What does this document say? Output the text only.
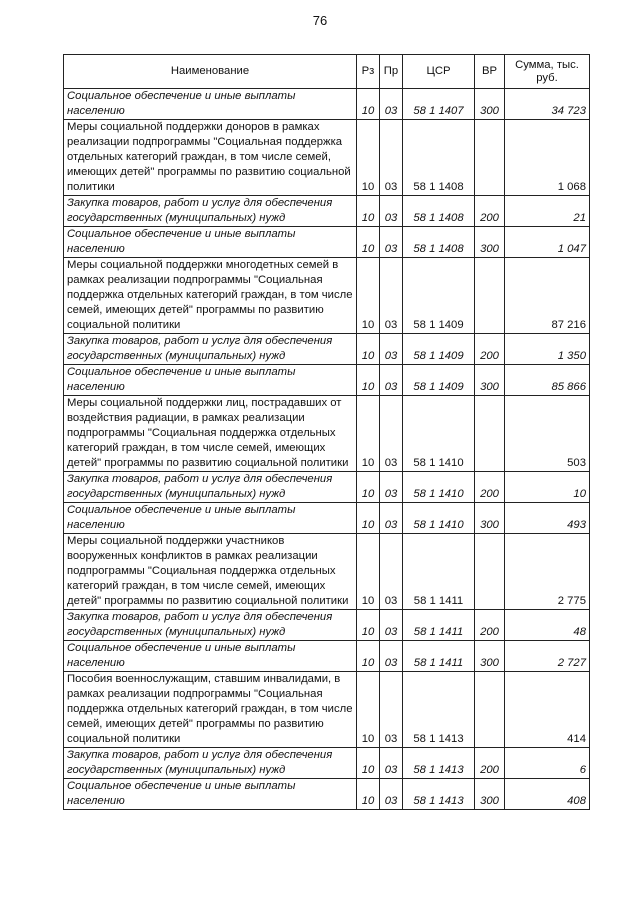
76
Наименование	Рз	Пр	ЦСР	ВР	Сумма, тыс. руб.
Социальное обеспечение и иные выплаты населению	10	03	58 1 1407	300	34 723
Меры социальной поддержки доноров в рамках реализации подпрограммы "Социальная поддержка отдельных категорий граждан, в том числе семей, имеющих детей" программы по развитию социальной политики	10	03	58 1 1408		1 068
Закупка товаров, работ и услуг для обеспечения государственных (муниципальных) нужд	10	03	58 1 1408	200	21
Социальное обеспечение и иные выплаты населению	10	03	58 1 1408	300	1 047
Меры социальной поддержки многодетных семей в рамках реализации подпрограммы "Социальная поддержка отдельных категорий граждан, в том числе семей, имеющих детей" программы по развитию социальной политики	10	03	58 1 1409		87 216
Закупка товаров, работ и услуг для обеспечения государственных (муниципальных) нужд	10	03	58 1 1409	200	1 350
Социальное обеспечение и иные выплаты населению	10	03	58 1 1409	300	85 866
Меры социальной поддержки лиц, пострадавших от воздействия радиации, в рамках реализации подпрограммы "Социальная поддержка отдельных категорий граждан, в том числе семей, имеющих детей" программы по развитию социальной политики	10	03	58 1 1410		503
Закупка товаров, работ и услуг для обеспечения государственных (муниципальных) нужд	10	03	58 1 1410	200	10
Социальное обеспечение и иные выплаты населению	10	03	58 1 1410	300	493
Меры социальной поддержки участников вооруженных конфликтов в рамках реализации подпрограммы "Социальная поддержка отдельных категорий граждан, в том числе семей, имеющих детей" программы по развитию социальной политики	10	03	58 1 1411		2 775
Закупка товаров, работ и услуг для обеспечения государственных (муниципальных) нужд	10	03	58 1 1411	200	48
Социальное обеспечение и иные выплаты населению	10	03	58 1 1411	300	2 727
Пособия военнослужащим, ставшим инвалидами, в рамках реализации подпрограммы "Социальная поддержка отдельных категорий граждан, в том числе семей, имеющих детей" программы по развитию социальной политики	10	03	58 1 1413		414
Закупка товаров, работ и услуг для обеспечения государственных (муниципальных) нужд	10	03	58 1 1413	200	6
Социальное обеспечение и иные выплаты населению	10	03	58 1 1413	300	408
